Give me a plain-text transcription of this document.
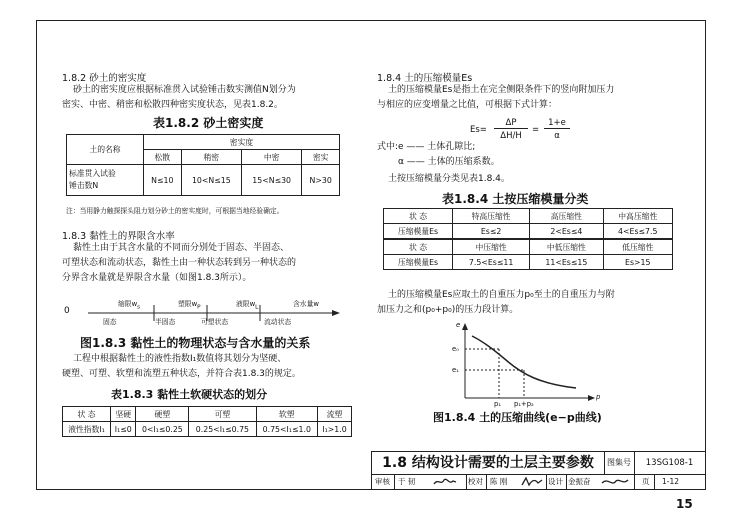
1.8.2 砂土的密实度
砂土的密实度应根据标准贯入试验锤击数实测值N划分为
密实、中密、稍密和松散四种密实度状态，见表1.8.2。
表1.8.2 砂土密实度
土的名称	密实度			
	松散	稍密	中密	密实

标准贯入试验
锤击数N	N≤10	10<N≤15	15<N≤30	N>30
注：当用静力触探探头阻力划分砂土的密实度时，可根据当地经验确定。
1.8.3 黏性土的界限含水率
黏性土由于其含水量的不同而分别处于固态、半固态、
可塑状态和流动状态，黏性土由一种状态转到另一种状态的
分界含水量就是界限含水量（如图1.8.3所示）。
0
缩限$w_s$	塑限$w_P$	液限$w_L$	含水量w
固态	半固态	可塑状态	流动状态
图1.8.3 黏性土的物理状态与含水量的关系
工程中根据黏性土的液性指数I₁数值将其划分为坚硬、
硬塑、可塑、软塑和流塑五种状态，并符合表1.8.3的规定。
表1.8.3 黏性土软硬状态的划分
状 态	坚硬	硬塑	可塑	软塑	流塑
液性指数I₁	I₁≤0	0<I₁≤0.25	0.25<I₁≤0.75	0.75<I₁≤1.0	I₁>1.0
1.8.4 土的压缩模量Es
土的压缩模量Es是指土在完全侧限条件下的竖向附加压力
与相应的应变增量之比值，可根据下式计算：
Es=
ΔP
ΔH/H
=
1+e
α
式中:e —— 土体孔隙比;
α —— 土体的压缩系数。
土按压缩模量分类见表1.8.4。
表1.8.4 土按压缩模量分类
状 态	特高压缩性	高压缩性	中高压缩性
压缩模量Es	Es≤2	2<Es≤4	4<Es≤7.5
状 态	中压缩性	中低压缩性	低压缩性
压缩模量Es	7.5<Es≤11	11<Es≤15	Es>15
土的压缩模量Es应取土的自重压力p₀至土的自重压力与附
加压力之和(p₀+p₀)的压力段计算。
e
p
e₀
e₁
p₁ p₁+p₂
图1.8.4 土的压缩曲线(e−p曲线)
1.8 结构设计需要的土层主要参数	图集号	13SG108-1
审核 于 韧	校对 陈 刚	设计 金振奋	页 1-12
15
